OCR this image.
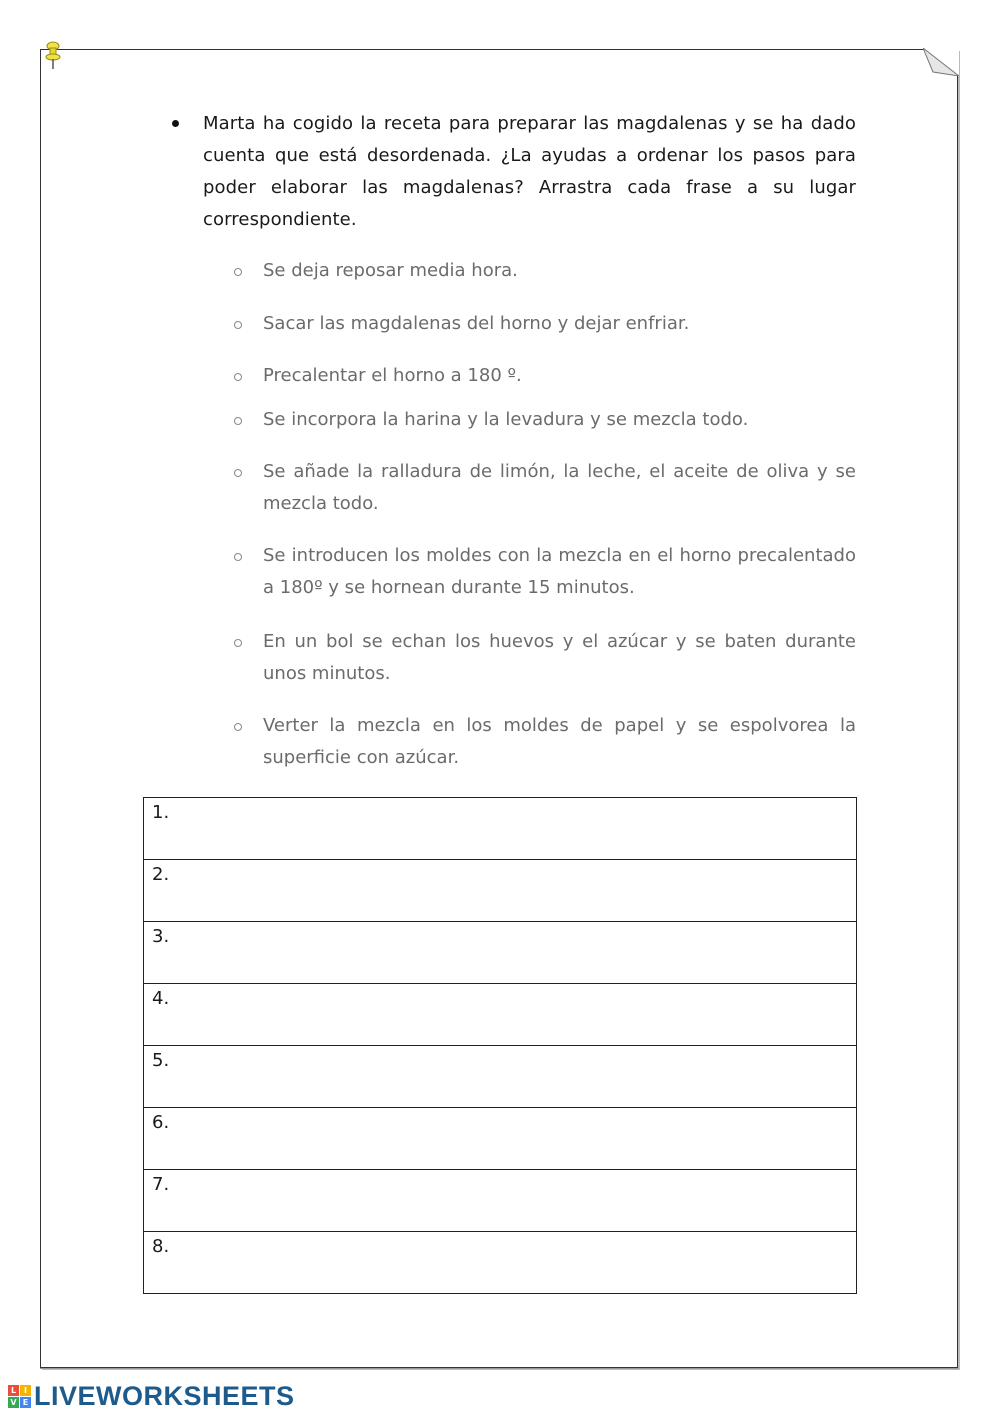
Marta ha cogido la receta para preparar las magdalenas y se ha dado cuenta que está desordenada. ¿La ayudas a ordenar los pasos para poder elaborar las magdalenas? Arrastra cada frase a su lugar correspondiente.
Se deja reposar media hora.
Sacar las magdalenas del horno y dejar enfriar.
Precalentar el horno a 180 º.
Se incorpora la harina y la levadura y se mezcla todo.
Se añade la ralladura de limón, la leche, el aceite de oliva y se mezcla todo.
Se introducen los moldes con la mezcla en el horno precalentado a 180º y se hornean durante 15 minutos.
En un bol se echan los huevos y el azúcar y se baten durante unos minutos.
Verter la mezcla en los moldes de papel y se espolvorea la superficie con azúcar.
1.
2.
3.
4.
5.
6.
7.
8.
L I
V E LIVEWORKSHEETS
